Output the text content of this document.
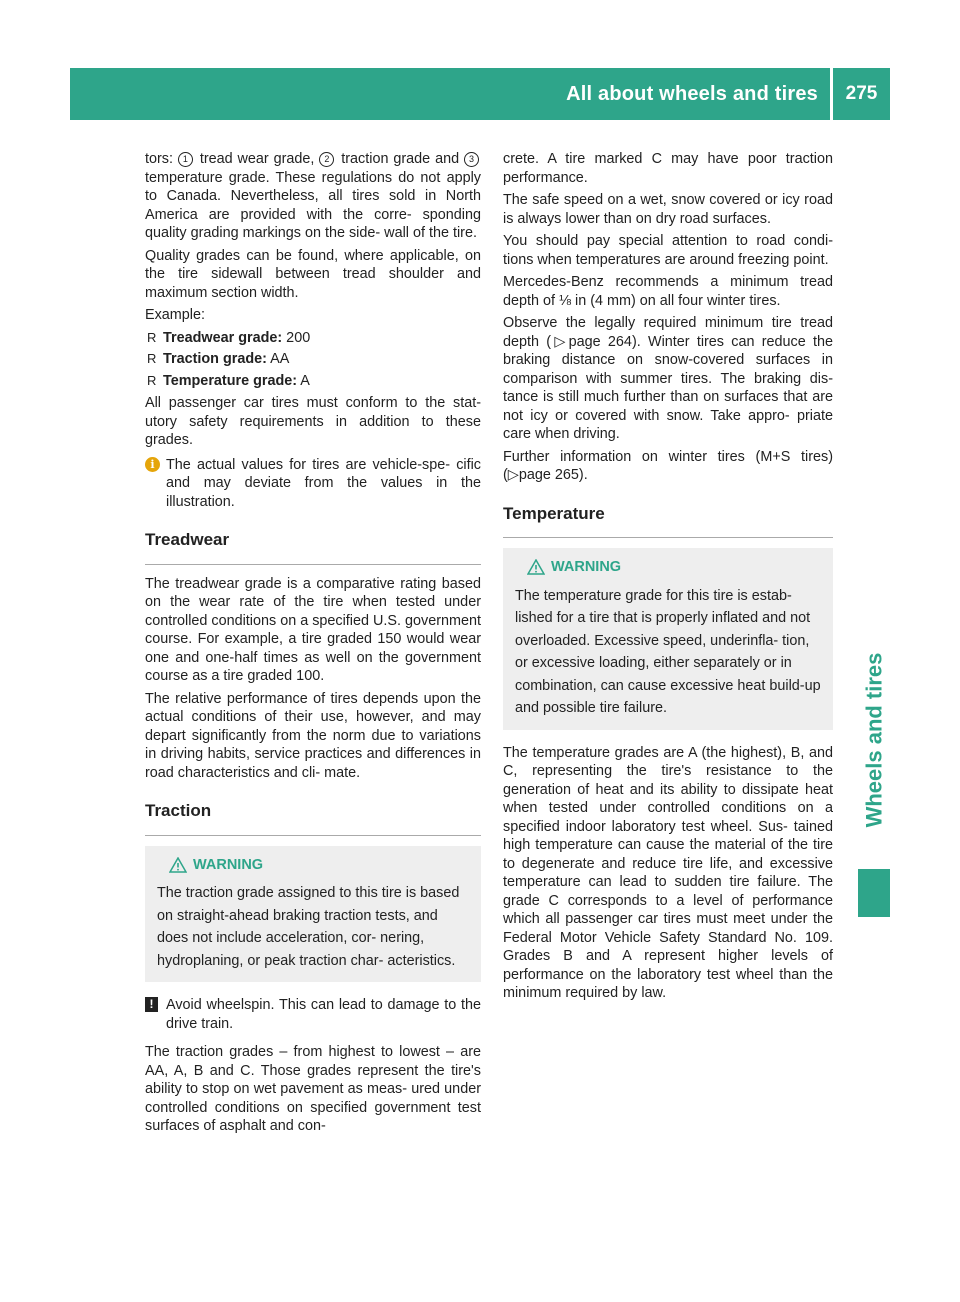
All about wheels and tires	275
Wheels and tires

tors: 1 tread wear grade, 2 traction grade and 3 temperature grade. These regulations do not apply to Canada. Nevertheless, all tires sold in North America are provided with the corre- sponding quality grading markings on the side- wall of the tire.

Quality grades can be found, where applicable, on the tire sidewall between tread shoulder and maximum section width.

Example:

R Treadwear grade: 200
R Traction grade: AA
R Temperature grade: A

All passenger car tires must conform to the stat- utory safety requirements in addition to these grades.

i The actual values for tires are vehicle-spe- cific and may deviate from the values in the illustration.

Treadwear

The treadwear grade is a comparative rating based on the wear rate of the tire when tested under controlled conditions on a specified U.S. government course. For example, a tire graded 150 would wear one and one-half times as well on the government course as a tire graded 100.

The relative performance of tires depends upon the actual conditions of their use, however, and may depart significantly from the norm due to variations in driving habits, service practices and differences in road characteristics and cli- mate.

Traction
WARNING

The traction grade assigned to this tire is based on straight-ahead braking traction tests, and does not include acceleration, cor- nering, hydroplaning, or peak traction char- acteristics.

! Avoid wheelspin. This can lead to damage to the drive train.

The traction grades – from highest to lowest – are AA, A, B and C. Those grades represent the tire's ability to stop on wet pavement as meas- ured under controlled conditions on specified government test surfaces of asphalt and con-

crete. A tire marked C may have poor traction performance.

The safe speed on a wet, snow covered or icy road is always lower than on dry road surfaces.

You should pay special attention to road condi- tions when temperatures are around freezing point.

Mercedes-Benz recommends a minimum tread depth of ⅛ in (4 mm) on all four winter tires.

Observe the legally required minimum tire tread depth (▷page 264). Winter tires can reduce the braking distance on snow-covered surfaces in comparison with summer tires. The braking dis- tance is still much further than on surfaces that are not icy or covered with snow. Take appro- priate care when driving.

Further information on winter tires (M+S tires) (▷page 265).

Temperature
WARNING

The temperature grade for this tire is estab- lished for a tire that is properly inflated and not overloaded. Excessive speed, underinfla- tion, or excessive loading, either separately or in combination, can cause excessive heat build-up and possible tire failure.

The temperature grades are A (the highest), B, and C, representing the tire's resistance to the generation of heat and its ability to dissipate heat when tested under controlled conditions on a specified indoor laboratory test wheel. Sus- tained high temperature can cause the material of the tire to degenerate and reduce tire life, and excessive temperature can lead to sudden tire failure. The grade C corresponds to a level of performance which all passenger car tires must meet under the Federal Motor Vehicle Safety Standard No. 109. Grades B and A represent higher levels of performance on the laboratory test wheel than the minimum required by law.
